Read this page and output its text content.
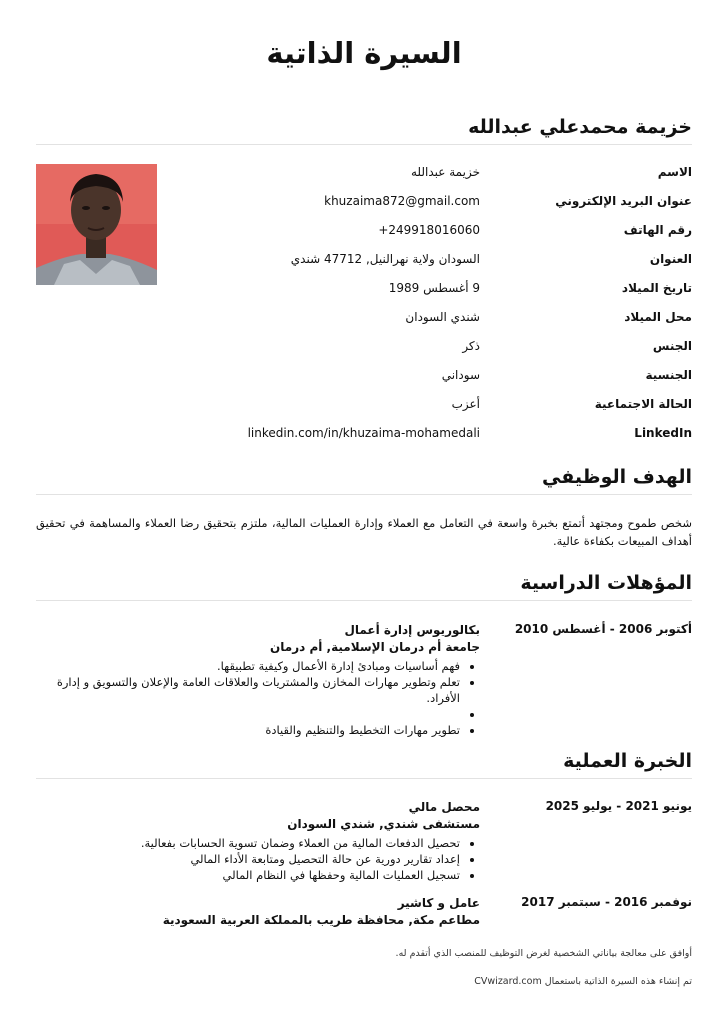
السيرة الذاتية
خزيمة محمدعلي عبدالله
الاسم
خزيمة عبدالله
عنوان البريد الإلكتروني
khuzaima872@gmail.com
رقم الهاتف
+249918016060
العنوان
السودان ولاية نهرالنيل, 47712 شندي
تاريخ الميلاد
9 أغسطس 1989
محل الميلاد
شندي السودان
الجنس
ذكر
الجنسية
سوداني
الحالة الاجتماعية
أعزب
LinkedIn
linkedin.com/in/khuzaima-mohamedali
الهدف الوظيفي
شخص طموح ومجتهد أتمتع بخبرة واسعة في التعامل مع العملاء وإدارة العمليات المالية، ملتزم بتحقيق رضا العملاء والمساهمة في تحقيق أهداف المبيعات بكفاءة عالية.
المؤهلات الدراسية
أكتوبر 2006 - أغسطس 2010
بكالوريوس إدارة أعمال
جامعة أم درمان الإسلامية, أم درمان
• فهم أساسيات ومبادئ إدارة الأعمال وكيفية تطبيقها.
• تعلم وتطوير مهارات المخازن والمشتريات والعلاقات العامة والإعلان والتسويق و إدارة الأفراد.
•
• تطوير مهارات التخطيط والتنظيم والقيادة
الخبرة العملية
يونيو 2021 - يوليو 2025
محصل مالي
مستشفى شندي, شندي السودان
• تحصيل الدفعات المالية من العملاء وضمان تسوية الحسابات بفعالية.
• إعداد تقارير دورية عن حالة التحصيل ومتابعة الأداء المالي
• تسجيل العمليات المالية وحفظها في النظام المالي
نوفمبر 2016 - سبتمبر 2017
عامل و كاشير
مطاعم مكة, محافظة طريب بالمملكة العربية السعودية
أوافق على معالجة بياناتي الشخصية لغرض التوظيف للمنصب الذي أتقدم له.
تم إنشاء هذه السيرة الذاتية باستعمال CVwizard.com
